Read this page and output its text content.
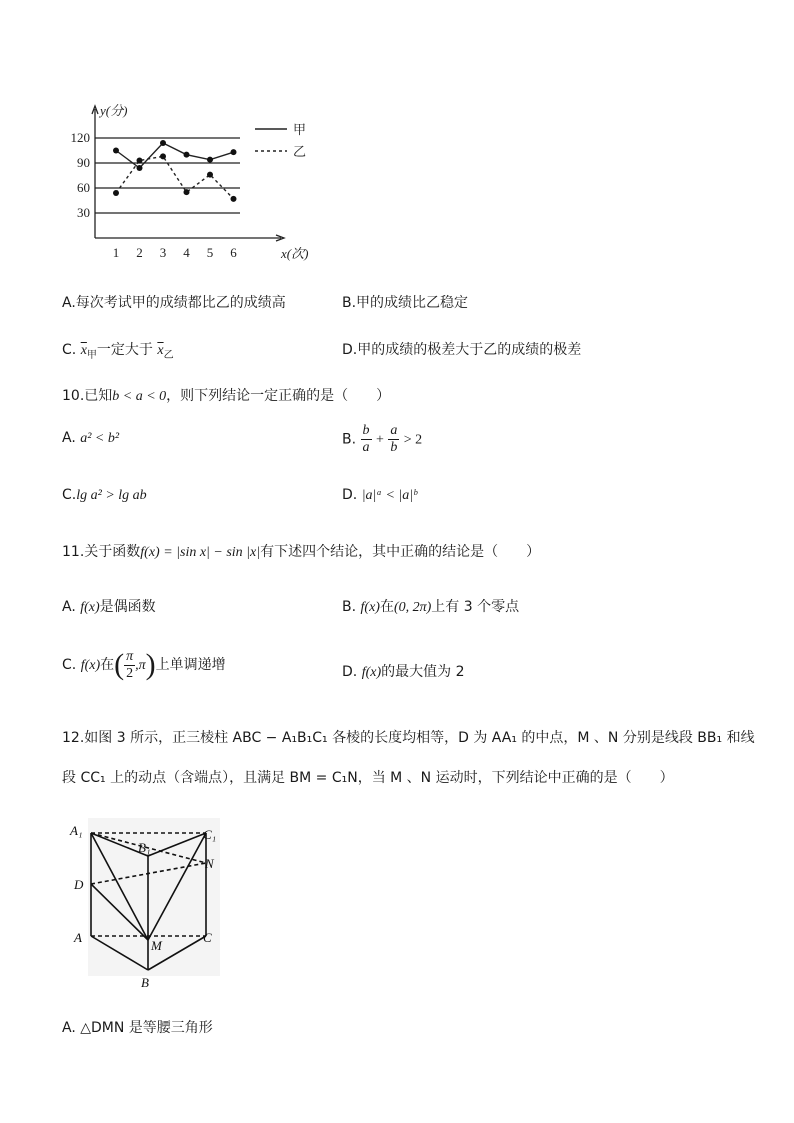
30
60
90
120
y(分)
x(次)
1 2 3 4 5 6
甲
乙
A.每次考试甲的成绩都比乙的成绩高	B.甲的成绩比乙稳定
C. $\overline{x}_甲$一定大于 $\overline{x}_乙$	D.甲的成绩的极差大于乙的成绩的极差
10.已知b < a < 0，则下列结论一定正确的是（　　）
A. a² < b²	B. $\frac{b}{a} + \frac{a}{b} > 2$
C.lg a² > lg ab	D. |a|ᵃ < |a|ᵇ
11.关于函数f(x) = |sin x| − sin |x|有下述四个结论，其中正确的结论是（　　）
A. f(x)是偶函数	B. f(x)在(0, 2π)上有 3 个零点
C. f(x)在( $\frac{\pi}{2} ,\pi$)上单调递增	D. f(x)的最大值为 2
12.如图 3 所示，正三棱柱 ABC − A₁B₁C₁ 各棱的长度均相等，D 为 AA₁ 的中点，M 、N 分别是线段 BB₁ 和线
段 CC₁ 上的动点（含端点），且满足 BM = C₁N，当 M 、N 运动时，下列结论中正确的是（　　）
A₁
B₁
C₁
N
D
A
M
C
B
A. △DMN 是等腰三角形
